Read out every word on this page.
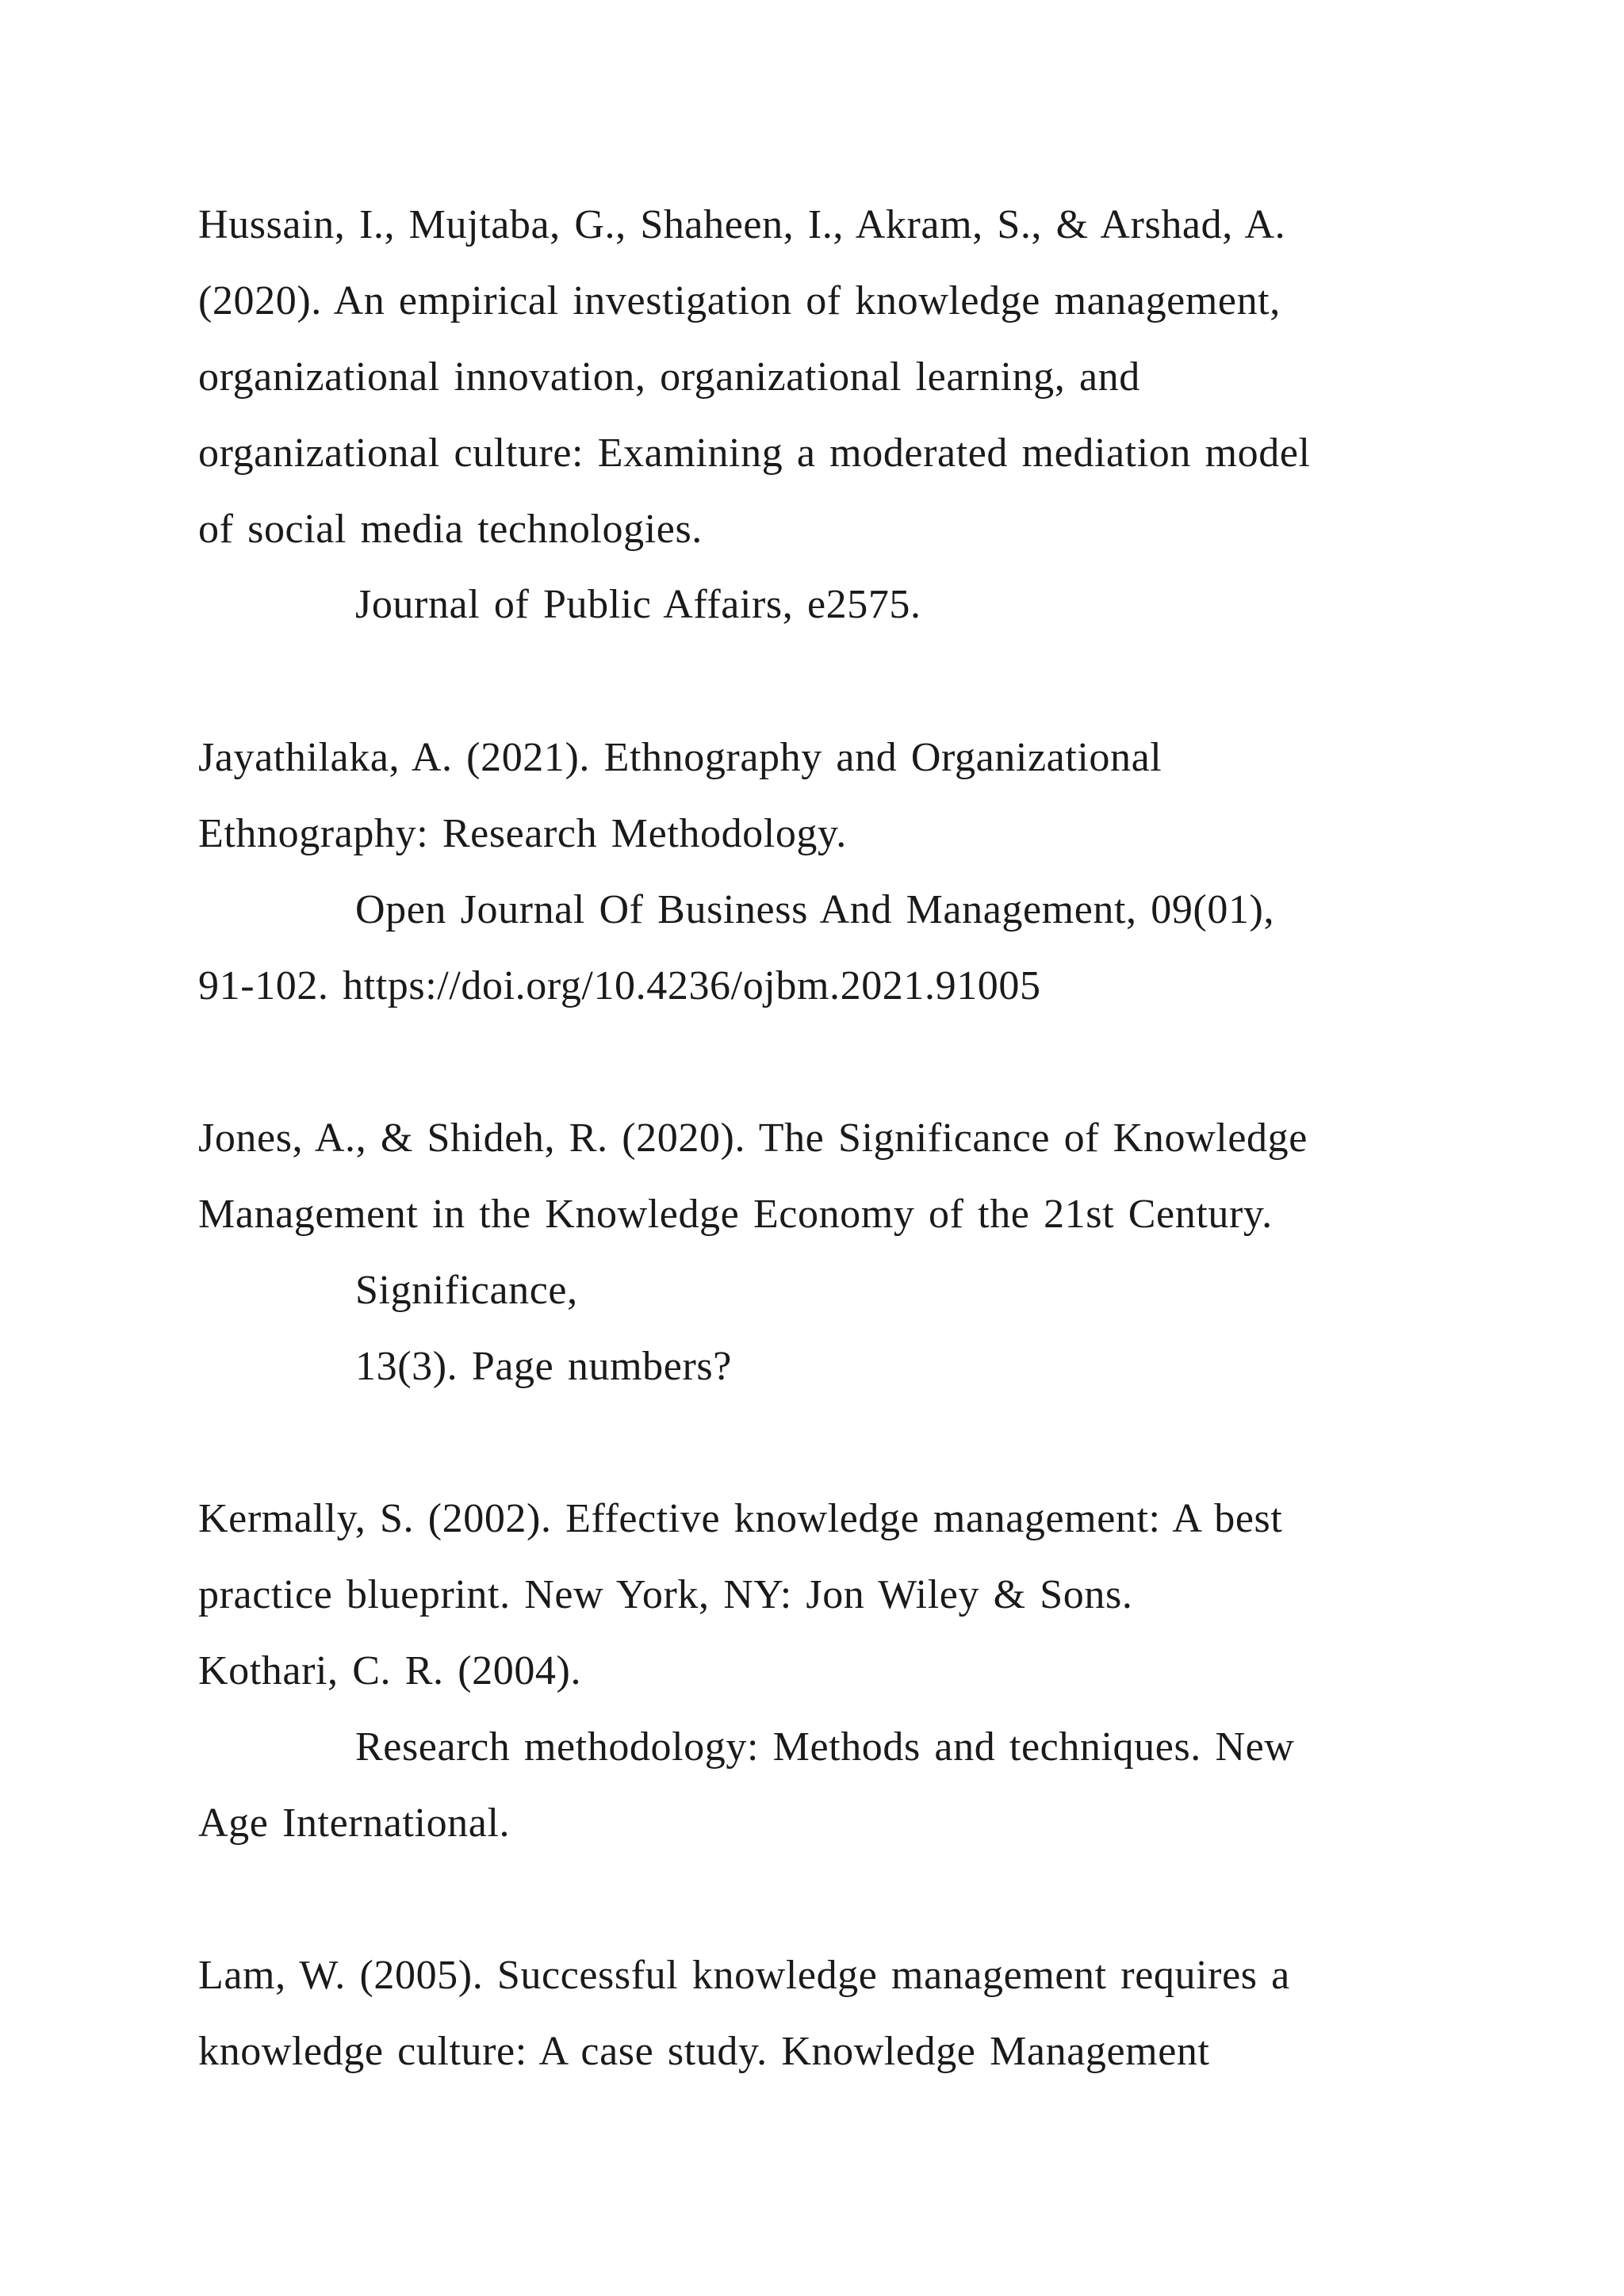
Hussain, I., Mujtaba, G., Shaheen, I., Akram, S., & Arshad, A.
(2020). An empirical investigation of knowledge management,
organizational innovation, organizational learning, and
organizational culture: Examining a moderated mediation model
of social media technologies.
Journal of Public Affairs, e2575.
Jayathilaka, A. (2021). Ethnography and Organizational
Ethnography: Research Methodology.
Open Journal Of Business And Management, 09(01),
91-102. https://doi.org/10.4236/ojbm.2021.91005
Jones, A., & Shideh, R. (2020). The Significance of Knowledge
Management in the Knowledge Economy of the 21st Century.
Significance,
13(3). Page numbers?
Kermally, S. (2002). Effective knowledge management: A best
practice blueprint. New York, NY: Jon Wiley & Sons.
Kothari, C. R. (2004).
Research methodology: Methods and techniques. New
Age International.
Lam, W. (2005). Successful knowledge management requires a
knowledge culture: A case study. Knowledge Management
